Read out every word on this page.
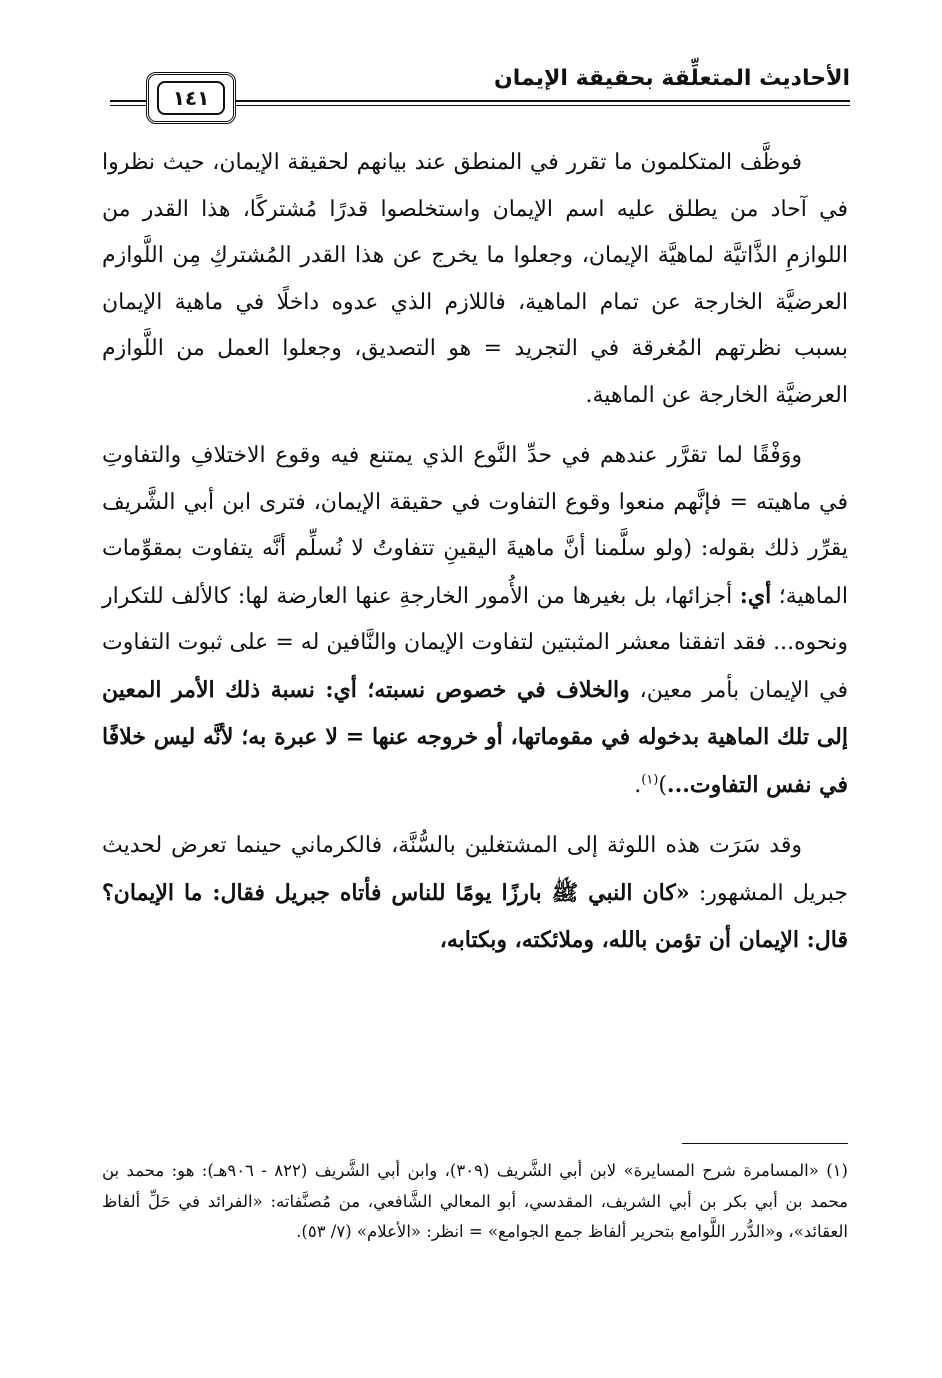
الأحاديث المتعلِّقة بحقيقة الإيمان
١٤١

فوظَّف المتكلمون ما تقرر في المنطق عند بيانهم لحقيقة الإيمان، حيث نظروا في آحاد من يطلق عليه اسم الإيمان واستخلصوا قدرًا مُشتركًا، هذا القدر من اللوازمِ الذَّاتيَّة لماهيَّة الإيمان، وجعلوا ما يخرج عن هذا القدر المُشتركِ مِن اللَّوازم العرضيَّة الخارجة عن تمام الماهية، فاللازم الذي عدوه داخلًا في ماهية الإيمان بسبب نظرتهم المُغرقة في التجريد = هو التصديق، وجعلوا العمل من اللَّوازم العرضيَّة الخارجة عن الماهية.

ووَفْقًا لما تقرَّر عندهم في حدِّ النَّوع الذي يمتنع فيه وقوع الاختلافِ والتفاوتِ في ماهيته = فإنَّهم منعوا وقوع التفاوت في حقيقة الإيمان، فترى ابن أبي الشَّريف يقرِّر ذلك بقوله: (ولو سلَّمنا أنَّ ماهيةَ اليقينِ تتفاوتُ لا نُسلِّم أنَّه يتفاوت بمقوِّمات الماهية؛ أي: أجزائها، بل بغيرها من الأُمور الخارجةِ عنها العارضة لها: كالألف للتكرار ونحوه... فقد اتفقنا معشر المثبتين لتفاوت الإيمان والنَّافين له = على ثبوت التفاوت في الإيمان بأمر معين، والخلاف في خصوص نسبته؛ أي: نسبة ذلك الأمر المعين إلى تلك الماهية بدخوله في مقوماتها، أو خروجه عنها = لا عبرة به؛ لأنَّه ليس خلافًا في نفس التفاوت...)$^{(١)}$.

وقد سَرَت هذه اللوثة إلى المشتغلين بالسُّنَّة، فالكرماني حينما تعرض لحديث جبريل المشهور: «كان النبي ﷺ بارزًا يومًا للناس فأتاه جبريل فقال: ما الإيمان؟ قال: الإيمان أن تؤمن بالله، وملائكته، وبكتابه،

(١) «المسامرة شرح المسايرة» لابن أبي الشَّريف (٣٠٩)، وابن أبي الشَّريف (٨٢٢ - ٩٠٦هـ): هو: محمد بن محمد بن أبي بكر بن أبي الشريف، المقدسي، أبو المعالي الشَّافعي، من مُصنَّفاته: «الفرائد في حَلِّ ألفاظ العقائد»، و«الدُّرر اللَّوامع بتحرير ألفاظ جمع الجوامع» = انظر: «الأعلام» (٧/ ٥٣).
